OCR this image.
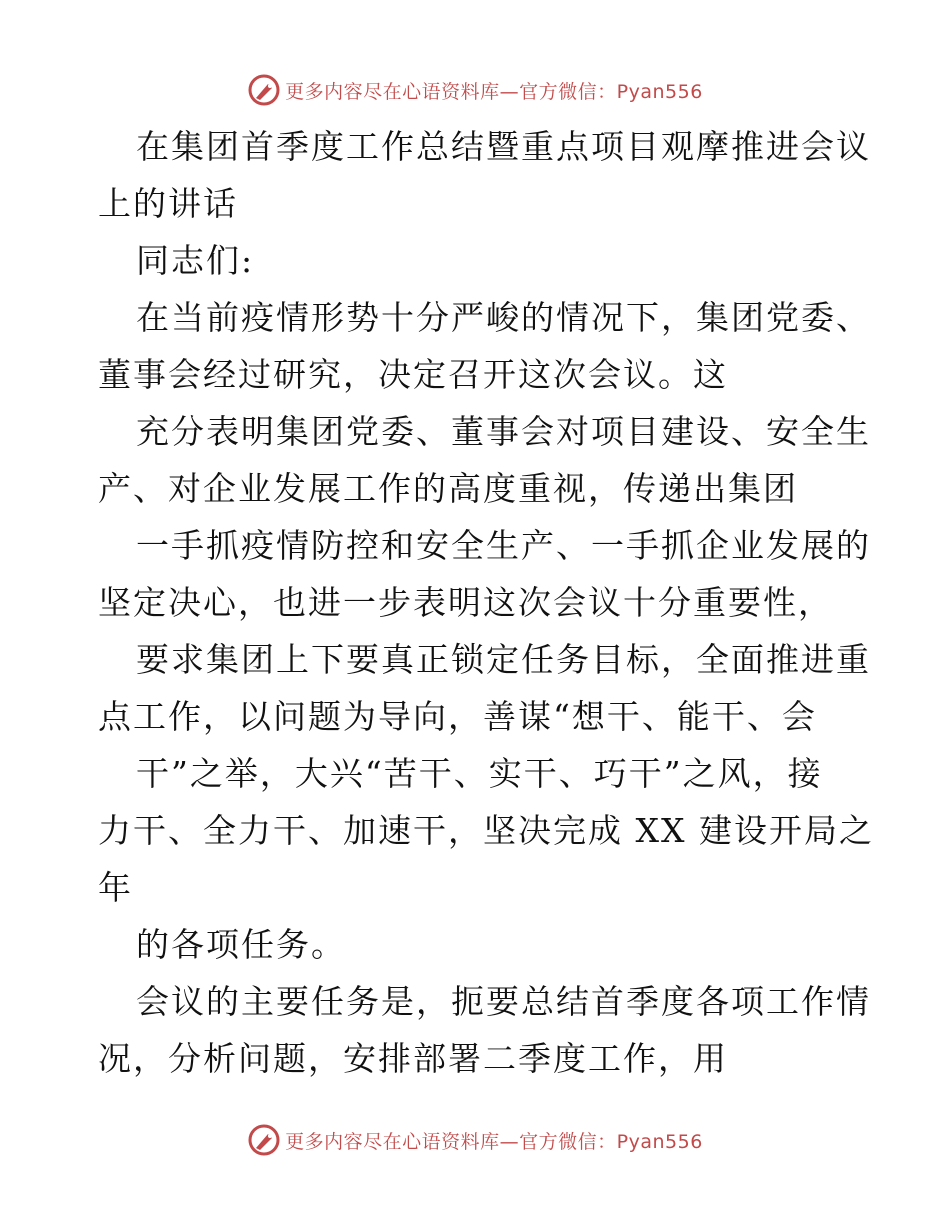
更多内容尽在心语资料库—官方微信：Pyan556
在集团首季度工作总结暨重点项目观摩推进会议
上的讲话
同志们:
在当前疫情形势十分严峻的情况下，集团党委、
董事会经过研究，决定召开这次会议。这
充分表明集团党委、董事会对项目建设、安全生
产、对企业发展工作的高度重视，传递出集团
一手抓疫情防控和安全生产、一手抓企业发展的
坚定决心，也进一步表明这次会议十分重要性，
要求集团上下要真正锁定任务目标，全面推进重
点工作，以问题为导向，善谋“想干、能干、会
干”之举，大兴“苦干、实干、巧干”之风，接
力干、全力干、加速干，坚决完成 XX 建设开局之
年
的各项任务。
会议的主要任务是，扼要总结首季度各项工作情
况，分析问题，安排部署二季度工作，用
更多内容尽在心语资料库—官方微信：Pyan556
